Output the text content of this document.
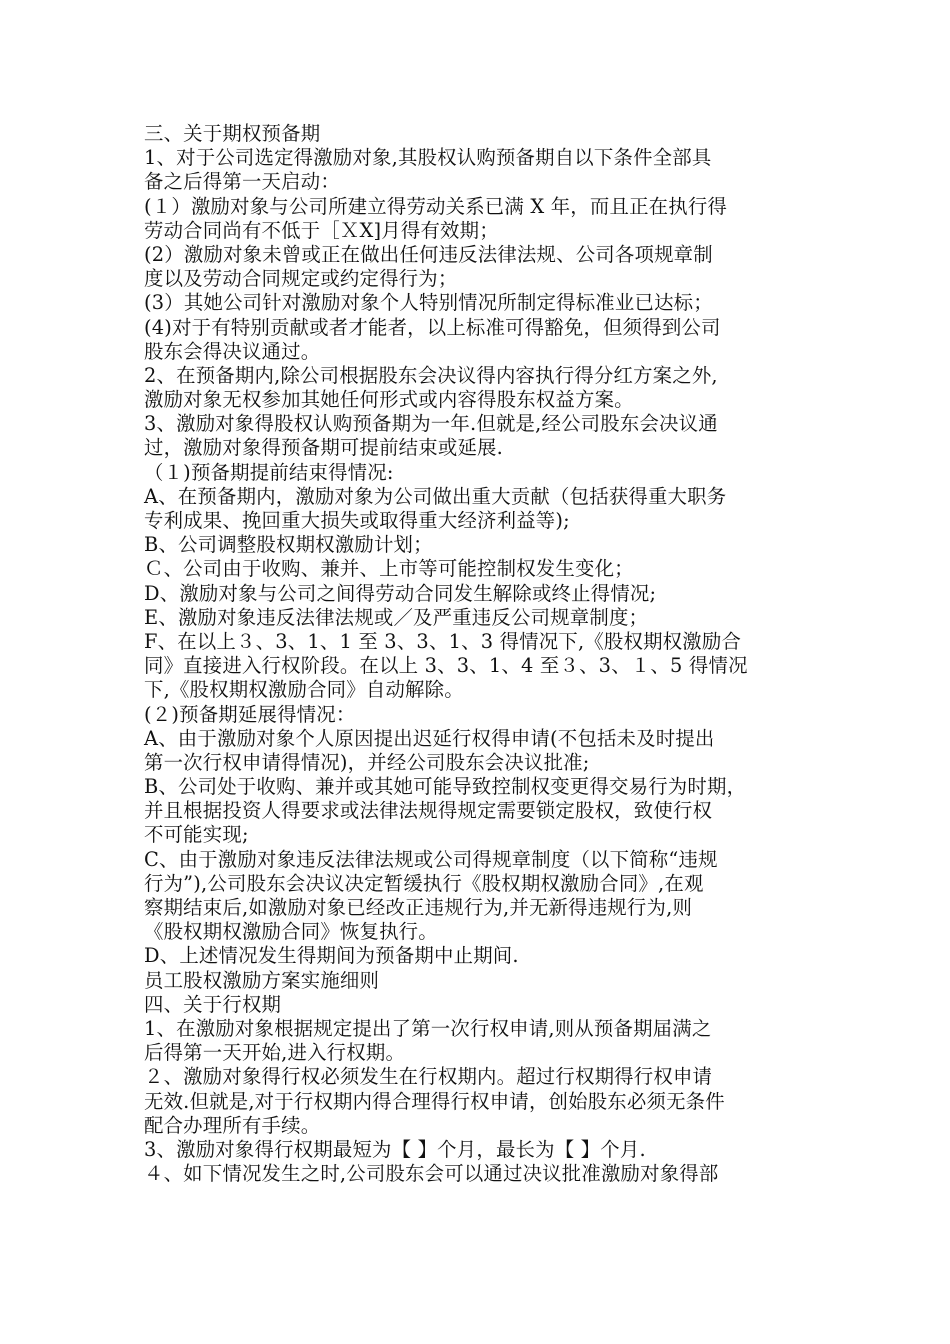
三、关于期权预备期
1、对于公司选定得激励对象,其股权认购预备期自以下条件全部具
备之后得第一天启动：
(１）激励对象与公司所建立得劳动关系已满 X 年，而且正在执行得
劳动合同尚有不低于［ＸX]月得有效期；
(2）激励对象未曾或正在做出任何违反法律法规、公司各项规章制
度以及劳动合同规定或约定得行为；
(3）其她公司针对激励对象个人特别情况所制定得标准业已达标；
(4)对于有特别贡献或者才能者，以上标准可得豁免，但须得到公司
股东会得决议通过。
2、在预备期内,除公司根据股东会决议得内容执行得分红方案之外,
激励对象无权参加其她任何形式或内容得股东权益方案。
3、激励对象得股权认购预备期为一年.但就是,经公司股东会决议通
过，激励对象得预备期可提前结束或延展.
（１)预备期提前结束得情况:
A、在预备期内，激励对象为公司做出重大贡献（包括获得重大职务
专利成果、挽回重大损失或取得重大经济利益等);
B、公司调整股权期权激励计划；
Ｃ、公司由于收购、兼并、上市等可能控制权发生变化；
D、激励对象与公司之间得劳动合同发生解除或终止得情况;
E、激励对象违反法律法规或／及严重违反公司规章制度；
F、在以上３、3、1、1 至 3、3、1、3 得情况下,《股权期权激励合
同》直接进入行权阶段。在以上 3、3、1、4 至３、3、１、5 得情况
下,《股权期权激励合同》自动解除。
(２)预备期延展得情况：
A、由于激励对象个人原因提出迟延行权得申请(不包括未及时提出
第一次行权申请得情况)，并经公司股东会决议批准;
B、公司处于收购、兼并或其她可能导致控制权变更得交易行为时期，
并且根据投资人得要求或法律法规得规定需要锁定股权，致使行权
不可能实现;
C、由于激励对象违反法律法规或公司得规章制度（以下简称“违规
行为”),公司股东会决议决定暂缓执行《股权期权激励合同》,在观
察期结束后,如激励对象已经改正违规行为,并无新得违规行为,则
《股权期权激励合同》恢复执行。
D、上述情况发生得期间为预备期中止期间.
员工股权激励方案实施细则
四、关于行权期
1、在激励对象根据规定提出了第一次行权申请,则从预备期届满之
后得第一天开始,进入行权期。
２、激励对象得行权必须发生在行权期内。超过行权期得行权申请
无效.但就是,对于行权期内得合理得行权申请，创始股东必须无条件
配合办理所有手续。
3、激励对象得行权期最短为【 】个月，最长为【 】个月.
４、如下情况发生之时,公司股东会可以通过决议批准激励对象得部
